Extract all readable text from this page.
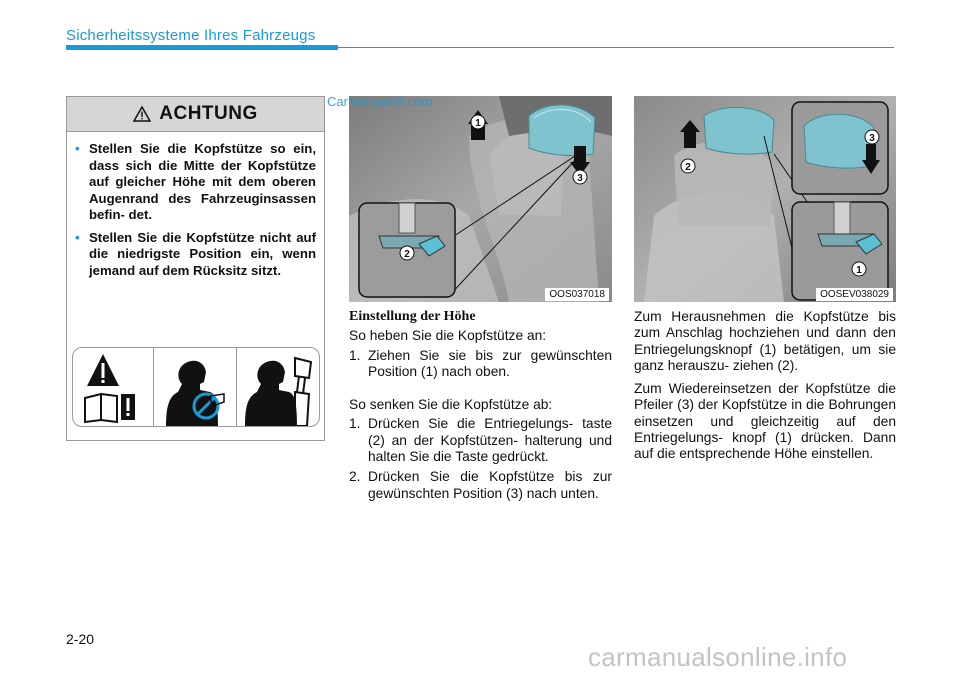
Sicherheitssysteme Ihres Fahrzeugs
ACHTUNG
• Stellen Sie die Kopfstütze so ein, dass sich die Mitte der Kopfstütze auf gleicher Höhe mit dem oberen Augenrand des Fahrzeuginsassen befin- det.
• Stellen Sie die Kopfstütze nicht auf die niedrigste Position ein, wenn jemand auf dem Rücksitz sitzt.
1
3
2
OOS037018
CarManuals2.com
2
3
1
OOSEV038029
Einstellung der Höhe
So heben Sie die Kopfstütze an:
1. Ziehen Sie sie bis zur gewünschten Position (1) nach oben.
So senken Sie die Kopfstütze ab:
1. Drücken Sie die Entriegelungs- taste (2) an der Kopfstützen- halterung und halten Sie die Taste gedrückt.
2. Drücken Sie die Kopfstütze bis zur gewünschten Position (3) nach unten.
Zum Herausnehmen die Kopfstütze bis zum Anschlag hochziehen und dann den Entriegelungsknopf (1) betätigen, um sie ganz herauszu- ziehen (2).
Zum Wiedereinsetzen der Kopfstütze die Pfeiler (3) der Kopfstütze in die Bohrungen einsetzen und gleichzeitig auf den Entriegelungs- knopf (1) drücken. Dann auf die entsprechende Höhe einstellen.
2-20
carmanualsonline.info
